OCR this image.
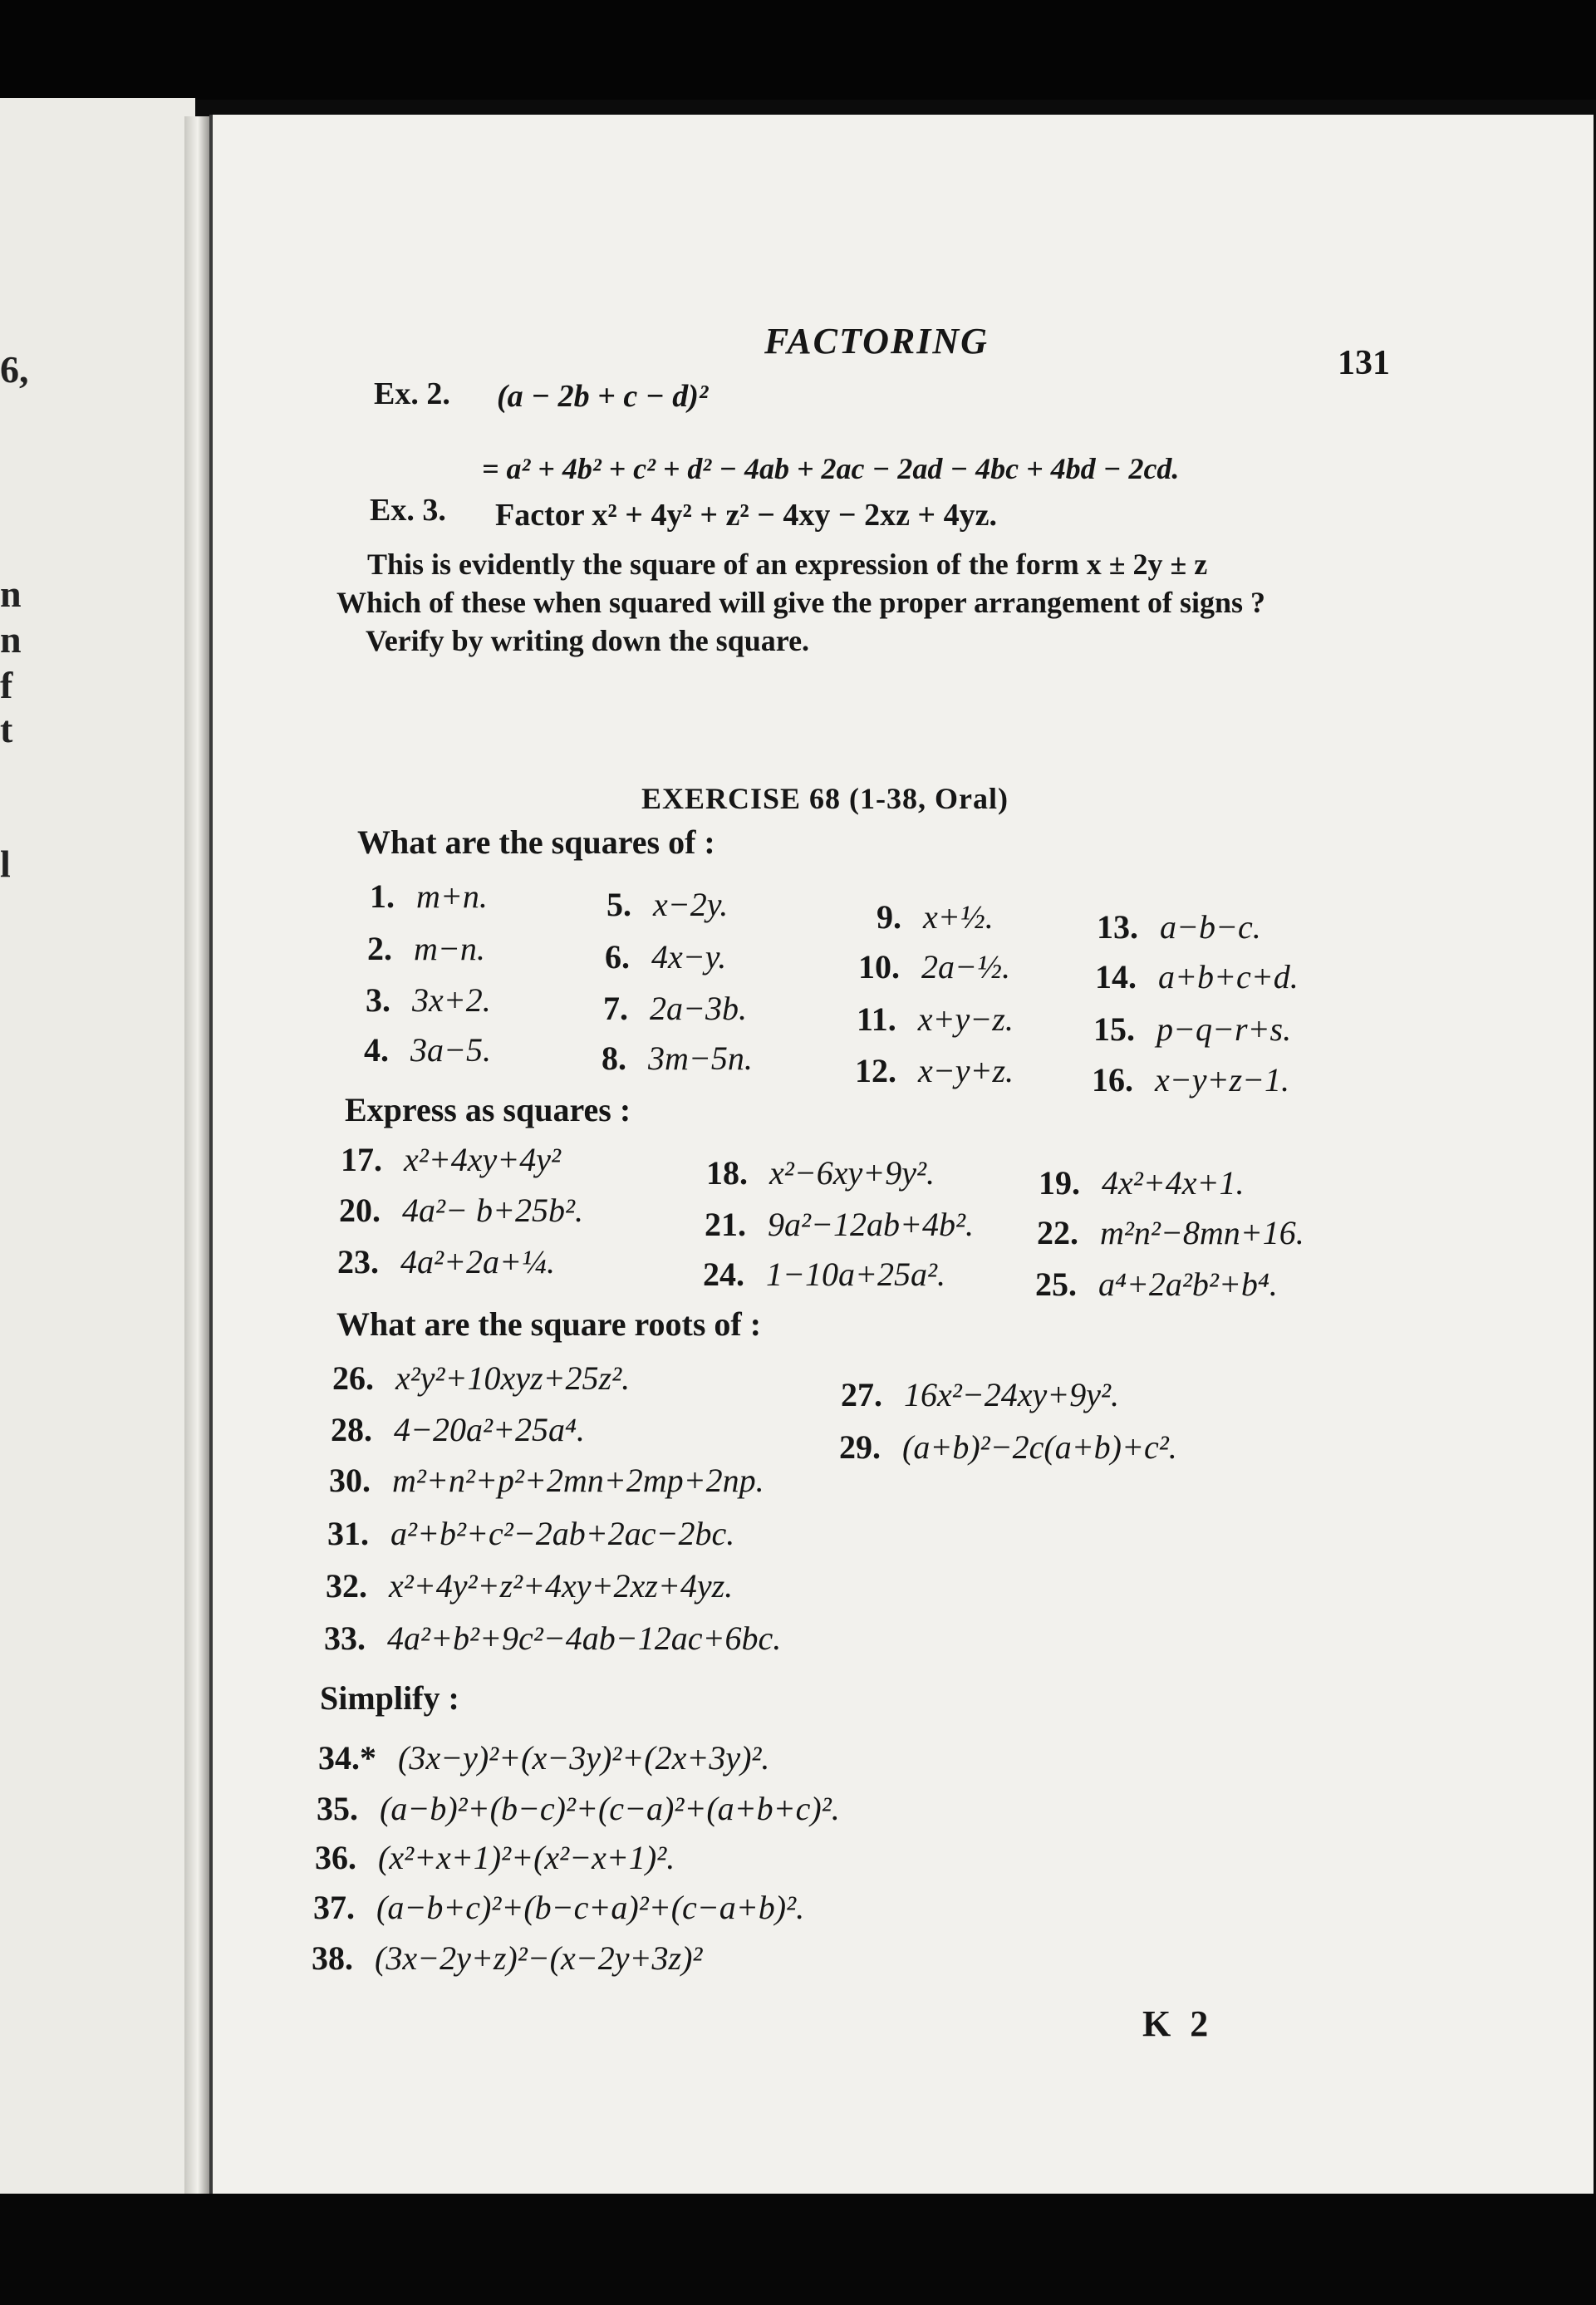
6,
n
n
f
t
l
FACTORING
131
Ex. 2. (a − 2b + c − d)²
= a² + 4b² + c² + d² − 4ab + 2ac − 2ad − 4bc + 4bd − 2cd.
Ex. 3. Factor x² + 4y² + z² − 4xy − 2xz + 4yz.
This is evidently the square of an expression of the form x ± 2y ± z
Which of these when squared will give the proper arrangement of signs ?
Verify by writing down the square.
EXERCISE 68 (1-38, Oral)
What are the squares of :
1. m+n.
2. m−n.
3. 3x+2.
4. 3a−5.
5. x−2y.
6. 4x−y.
7. 2a−3b.
8. 3m−5n.
9. x+½.
10. 2a−½.
11. x+y−z.
12. x−y+z.
13. a−b−c.
14. a+b+c+d.
15. p−q−r+s.
16. x−y+z−1.
Express as squares :
17. x²+4xy+4y²	18. x²−6xy+9y².	19. 4x²+4x+1.
20. 4a²− b+25b².	21. 9a²−12ab+4b². 22. m²n²−8mn+16.
23. 4a²+2a+¼.	24. 1−10a+25a².	25. a⁴+2a²b²+b⁴.
What are the square roots of :
26. x²y²+10xyz+25z².	27. 16x²−24xy+9y².
28. 4−20a²+25a⁴.	29. (a+b)²−2c(a+b)+c².
30. m²+n²+p²+2mn+2mp+2np.
31. a²+b²+c²−2ab+2ac−2bc.
32. x²+4y²+z²+4xy+2xz+4yz.
33. 4a²+b²+9c²−4ab−12ac+6bc.
Simplify :
34.* (3x−y)²+(x−3y)²+(2x+3y)².
35. (a−b)²+(b−c)²+(c−a)²+(a+b+c)².
36. (x²+x+1)²+(x²−x+1)².
37. (a−b+c)²+(b−c+a)²+(c−a+b)².
38. (3x−2y+z)²−(x−2y+3z)²
K 2
